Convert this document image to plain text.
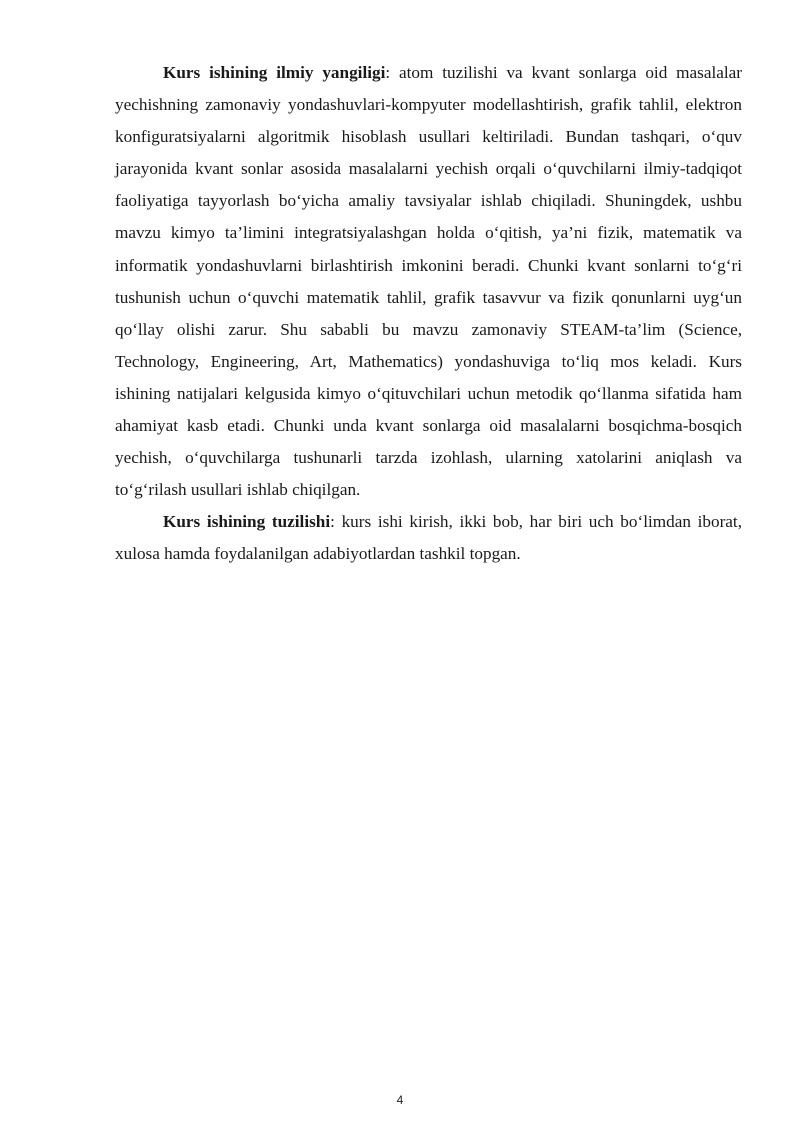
Kurs ishining ilmiy yangiligi: atom tuzilishi va kvant sonlarga oid masalalar yechishning zamonaviy yondashuvlari-kompyuter modellashtirish, grafik tahlil, elektron konfiguratsiyalarni algoritmik hisoblash usullari keltiriladi. Bundan tashqari, o‘quv jarayonida kvant sonlar asosida masalalarni yechish orqali o‘quvchilarni ilmiy-tadqiqot faoliyatiga tayyorlash bo‘yicha amaliy tavsiyalar ishlab chiqiladi. Shuningdek, ushbu mavzu kimyo ta’limini integratsiyalashgan holda o‘qitish, ya’ni fizik, matematik va informatik yondashuvlarni birlashtirish imkonini beradi. Chunki kvant sonlarni to‘g‘ri tushunish uchun o‘quvchi matematik tahlil, grafik tasavvur va fizik qonunlarni uyg‘un qo‘llay olishi zarur. Shu sababli bu mavzu zamonaviy STEAM-ta’lim (Science, Technology, Engineering, Art, Mathematics) yondashuviga to‘liq mos keladi. Kurs ishining natijalari kelgusida kimyo o‘qituvchilari uchun metodik qo‘llanma sifatida ham ahamiyat kasb etadi. Chunki unda kvant sonlarga oid masalalarni bosqichma-bosqich yechish, o‘quvchilarga tushunarli tarzda izohlash, ularning xatolarini aniqlash va to‘g‘rilash usullari ishlab chiqilgan.

Kurs ishining tuzilishi: kurs ishi kirish, ikki bob, har biri uch bo‘limdan iborat, xulosa hamda foydalanilgan adabiyotlardan tashkil topgan.

4
